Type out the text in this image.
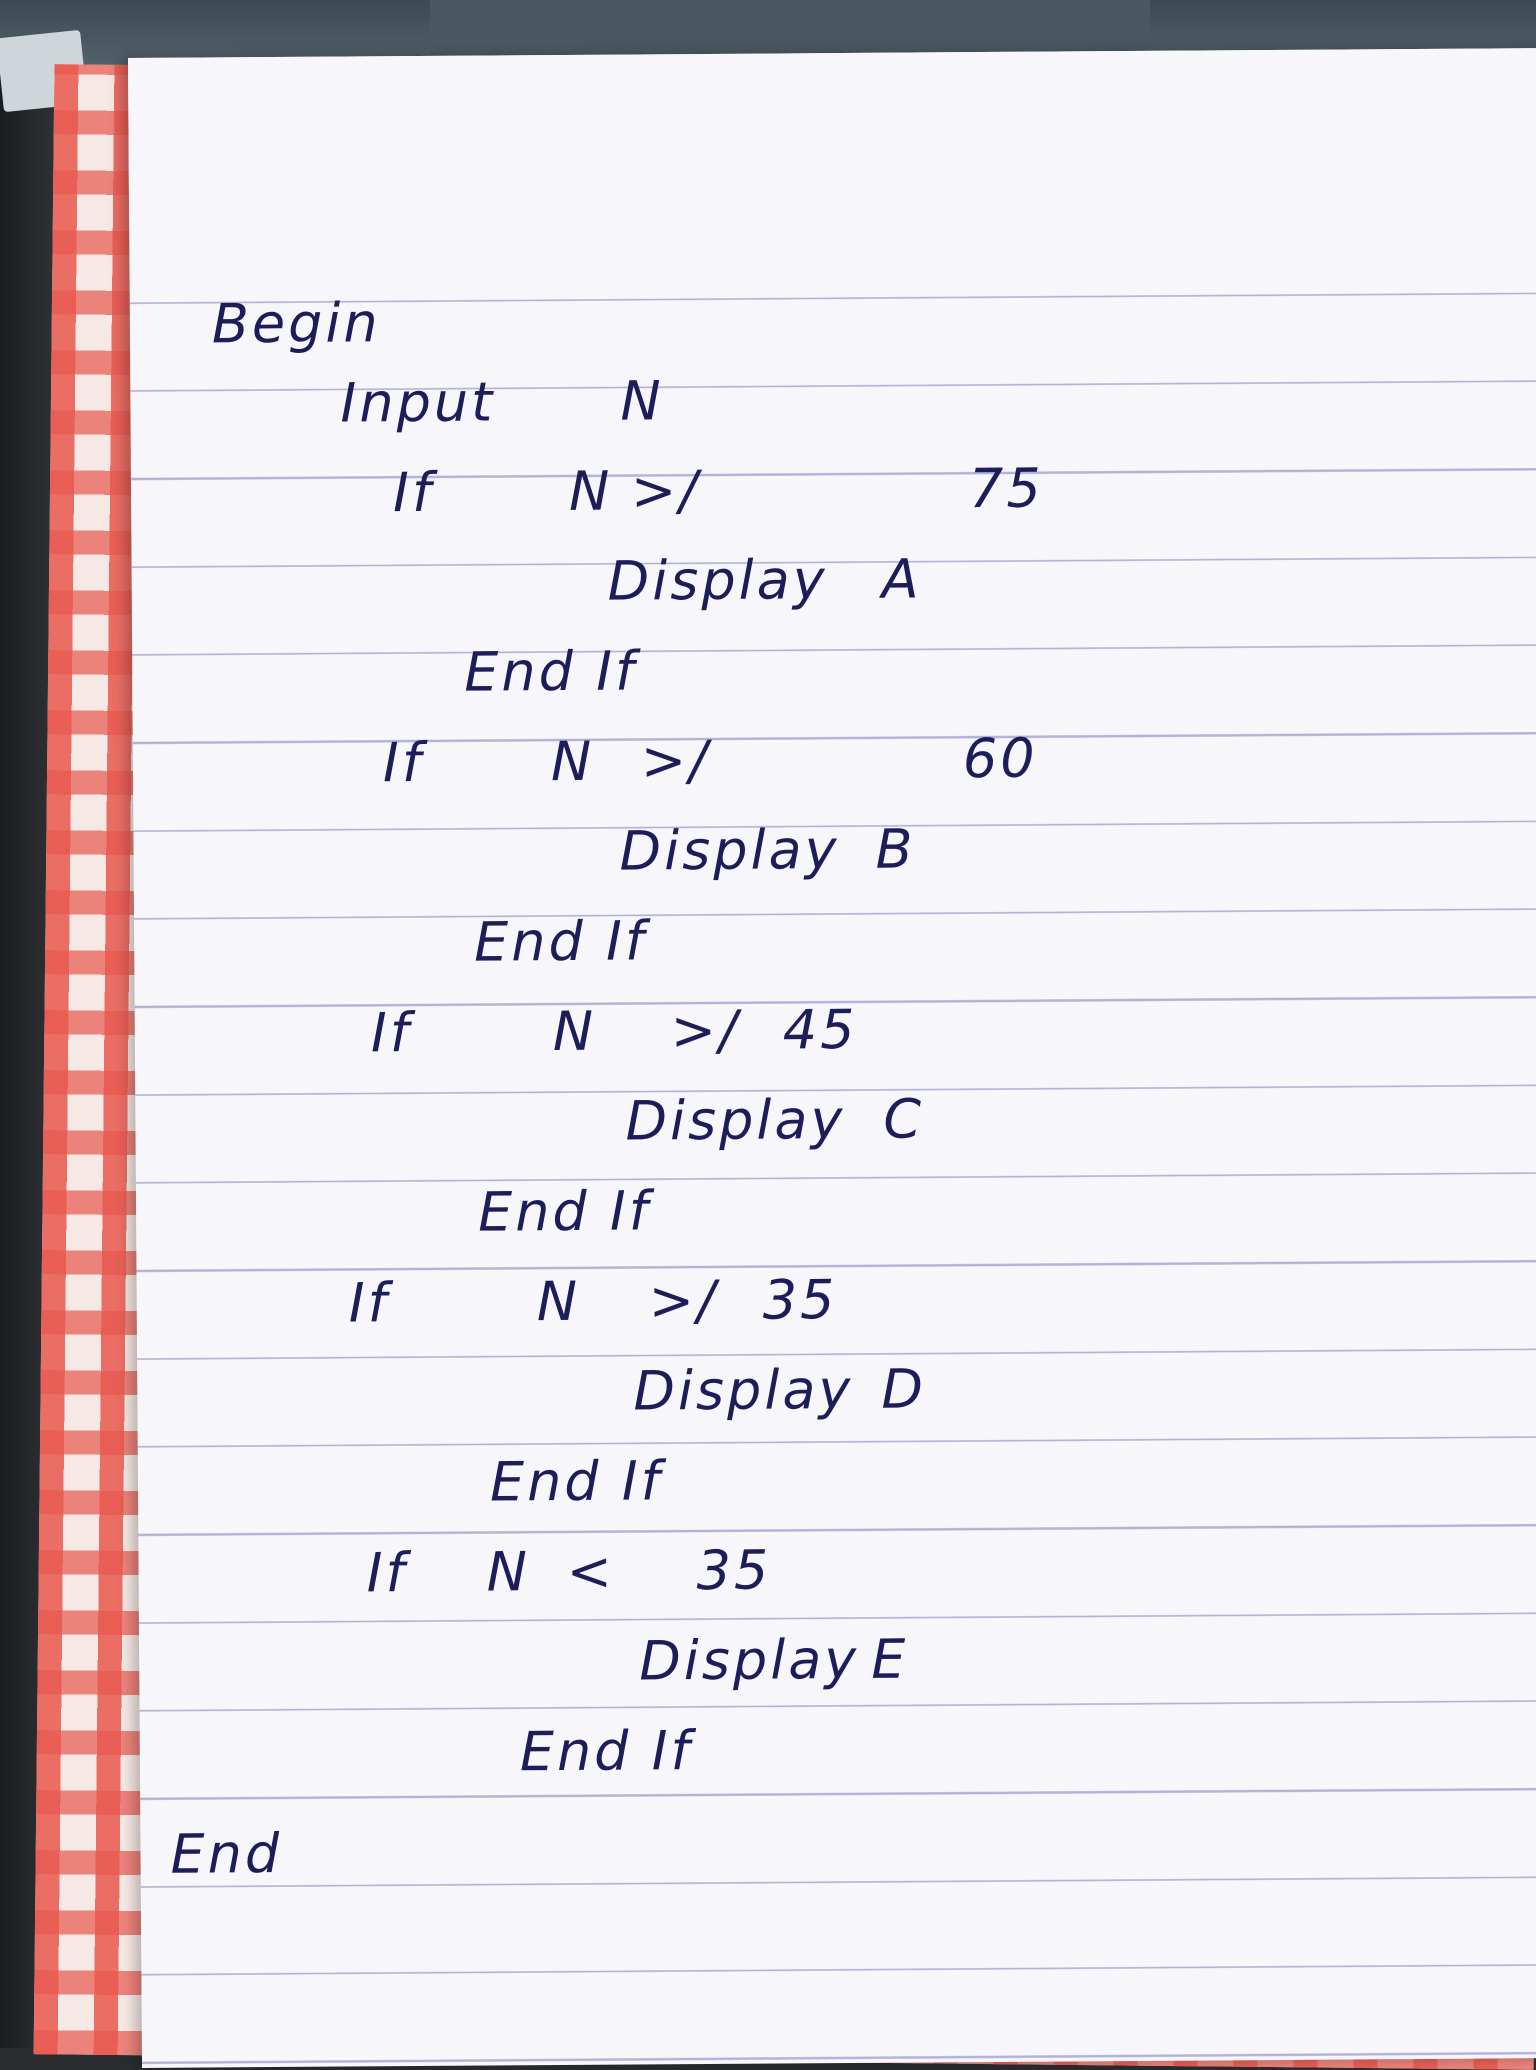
Begin
Input N
If N >/	75
Display A
End If
If N >/	60
Display B
End If
If	N >/ 45
Display C
End If
If	N >/ 35
Display D
End If
If N < 35
Display E
End If
End
